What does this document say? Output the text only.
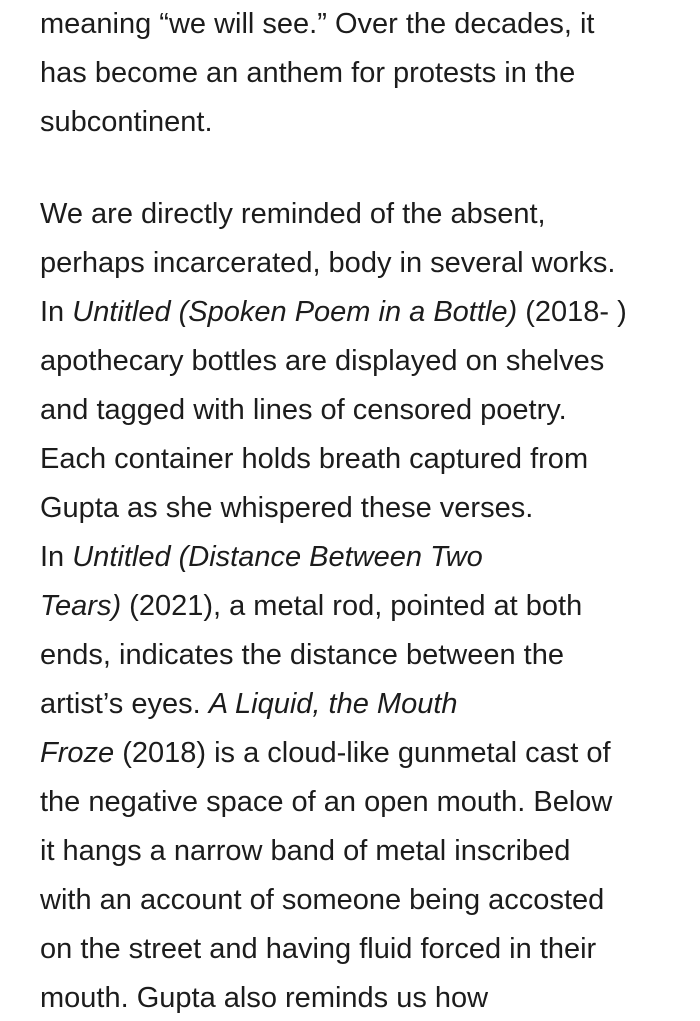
meaning “we will see.” Over the decades, it
has become an anthem for protests in the
subcontinent.

We are directly reminded of the absent,
perhaps incarcerated, body in several works.
In Untitled (Spoken Poem in a Bottle) (2018- )
apothecary bottles are displayed on shelves
and tagged with lines of censored poetry.
Each container holds breath captured from
Gupta as she whispered these verses.
In Untitled (Distance Between Two
Tears) (2021), a metal rod, pointed at both
ends, indicates the distance between the
artist’s eyes. A Liquid, the Mouth
Froze (2018) is a cloud-like gunmetal cast of
the negative space of an open mouth. Below
it hangs a narrow band of metal inscribed
with an account of someone being accosted
on the street and having fluid forced in their
mouth. Gupta also reminds us how
